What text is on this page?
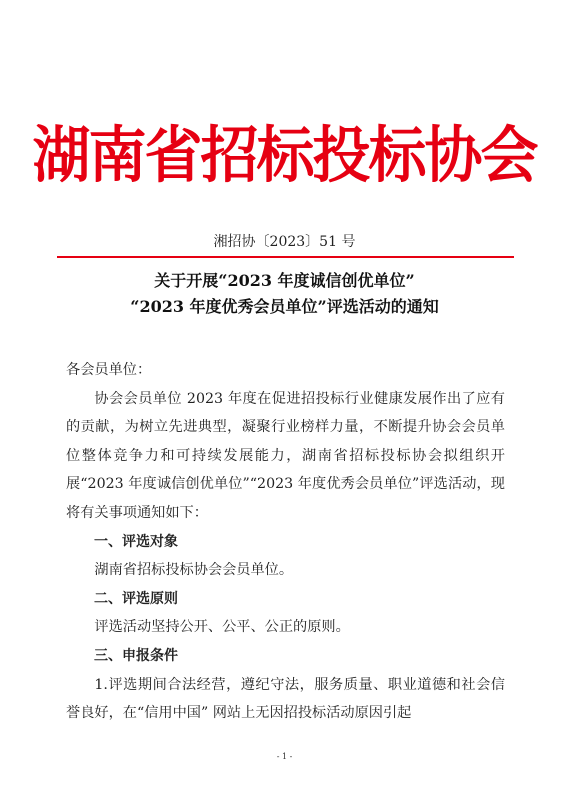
湖南省招标投标协会
湘招协〔2023〕51 号
关于开展“2023 年度诚信创优单位”
“2023 年度优秀会员单位”评选活动的通知

各会员单位：

协会会员单位 2023 年度在促进招投标行业健康发展作出了应有的贡献，为树立先进典型，凝聚行业榜样力量，不断提升协会会员单位整体竞争力和可持续发展能力，湖南省招标投标协会拟组织开展“2023 年度诚信创优单位”“2023 年度优秀会员单位”评选活动，现将有关事项通知如下：

一、评选对象

湖南省招标投标协会会员单位。

二、评选原则

评选活动坚持公开、公平、公正的原则。

三、申报条件

1.评选期间合法经营，遵纪守法，服务质量、职业道德和社会信誉良好，在“信用中国” 网站上无因招投标活动原因引起

- 1 -
